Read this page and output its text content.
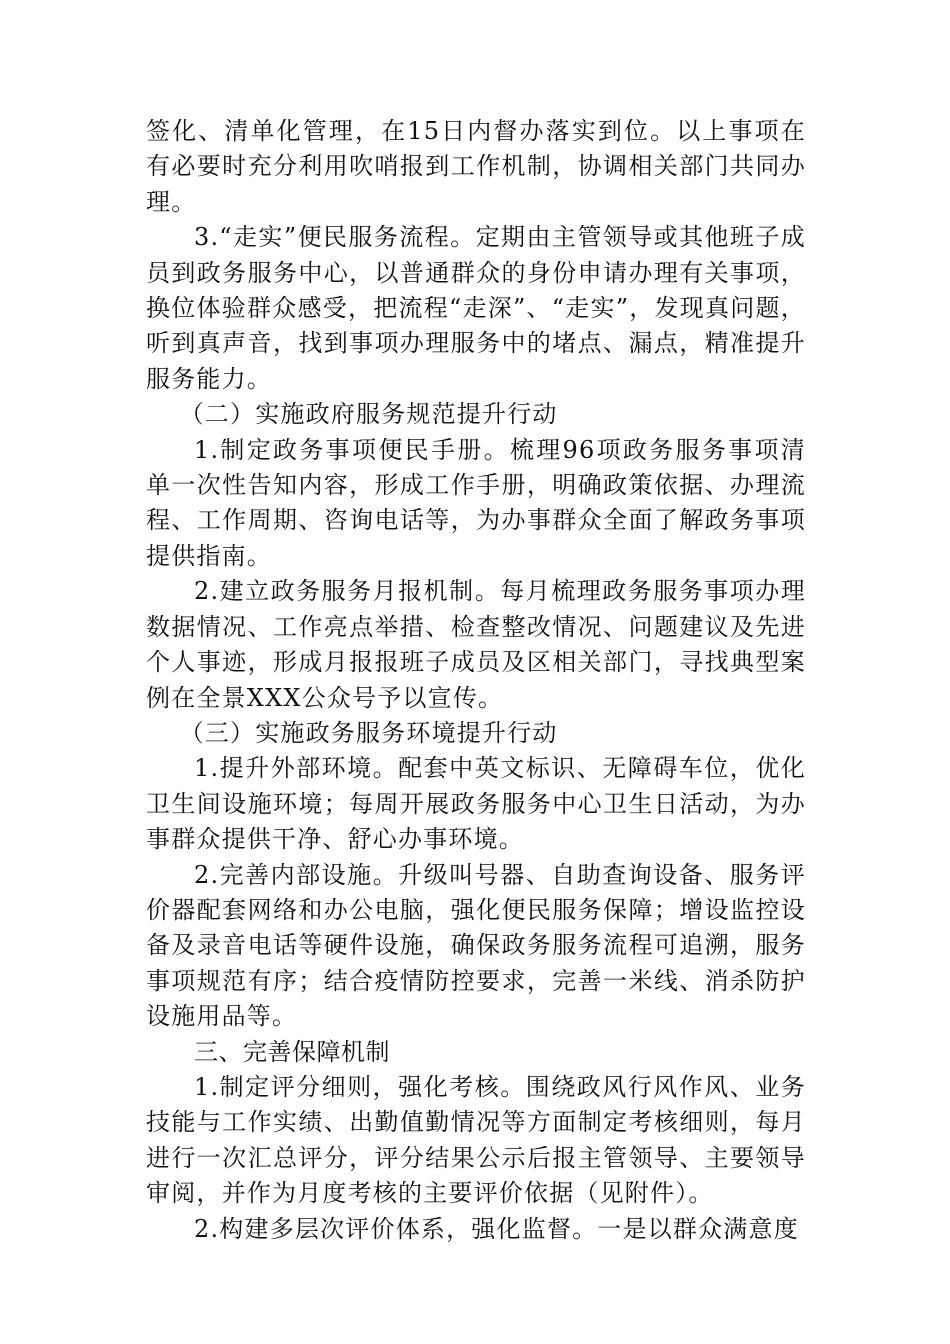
签化、清单化管理，在15日内督办落实到位。以上事项在有必要时充分利用吹哨报到工作机制，协调相关部门共同办理。

3.“走实”便民服务流程。定期由主管领导或其他班子成员到政务服务中心，以普通群众的身份申请办理有关事项，换位体验群众感受，把流程“走深”、“走实”，发现真问题，听到真声音，找到事项办理服务中的堵点、漏点，精准提升服务能力。

（二）实施政府服务规范提升行动

1.制定政务事项便民手册。梳理96项政务服务事项清单一次性告知内容，形成工作手册，明确政策依据、办理流程、工作周期、咨询电话等，为办事群众全面了解政务事项提供指南。

2.建立政务服务月报机制。每月梳理政务服务事项办理数据情况、工作亮点举措、检查整改情况、问题建议及先进个人事迹，形成月报报班子成员及区相关部门，寻找典型案例在全景XXX公众号予以宣传。

（三）实施政务服务环境提升行动

1.提升外部环境。配套中英文标识、无障碍车位，优化卫生间设施环境；每周开展政务服务中心卫生日活动，为办事群众提供干净、舒心办事环境。

2.完善内部设施。升级叫号器、自助查询设备、服务评价器配套网络和办公电脑，强化便民服务保障；增设监控设备及录音电话等硬件设施，确保政务服务流程可追溯，服务事项规范有序；结合疫情防控要求，完善一米线、消杀防护设施用品等。

三、完善保障机制

1.制定评分细则，强化考核。围绕政风行风作风、业务技能与工作实绩、出勤值勤情况等方面制定考核细则，每月进行一次汇总评分，评分结果公示后报主管领导、主要领导审阅，并作为月度考核的主要评价依据（见附件）。

2.构建多层次评价体系，强化监督。一是以群众满意度
